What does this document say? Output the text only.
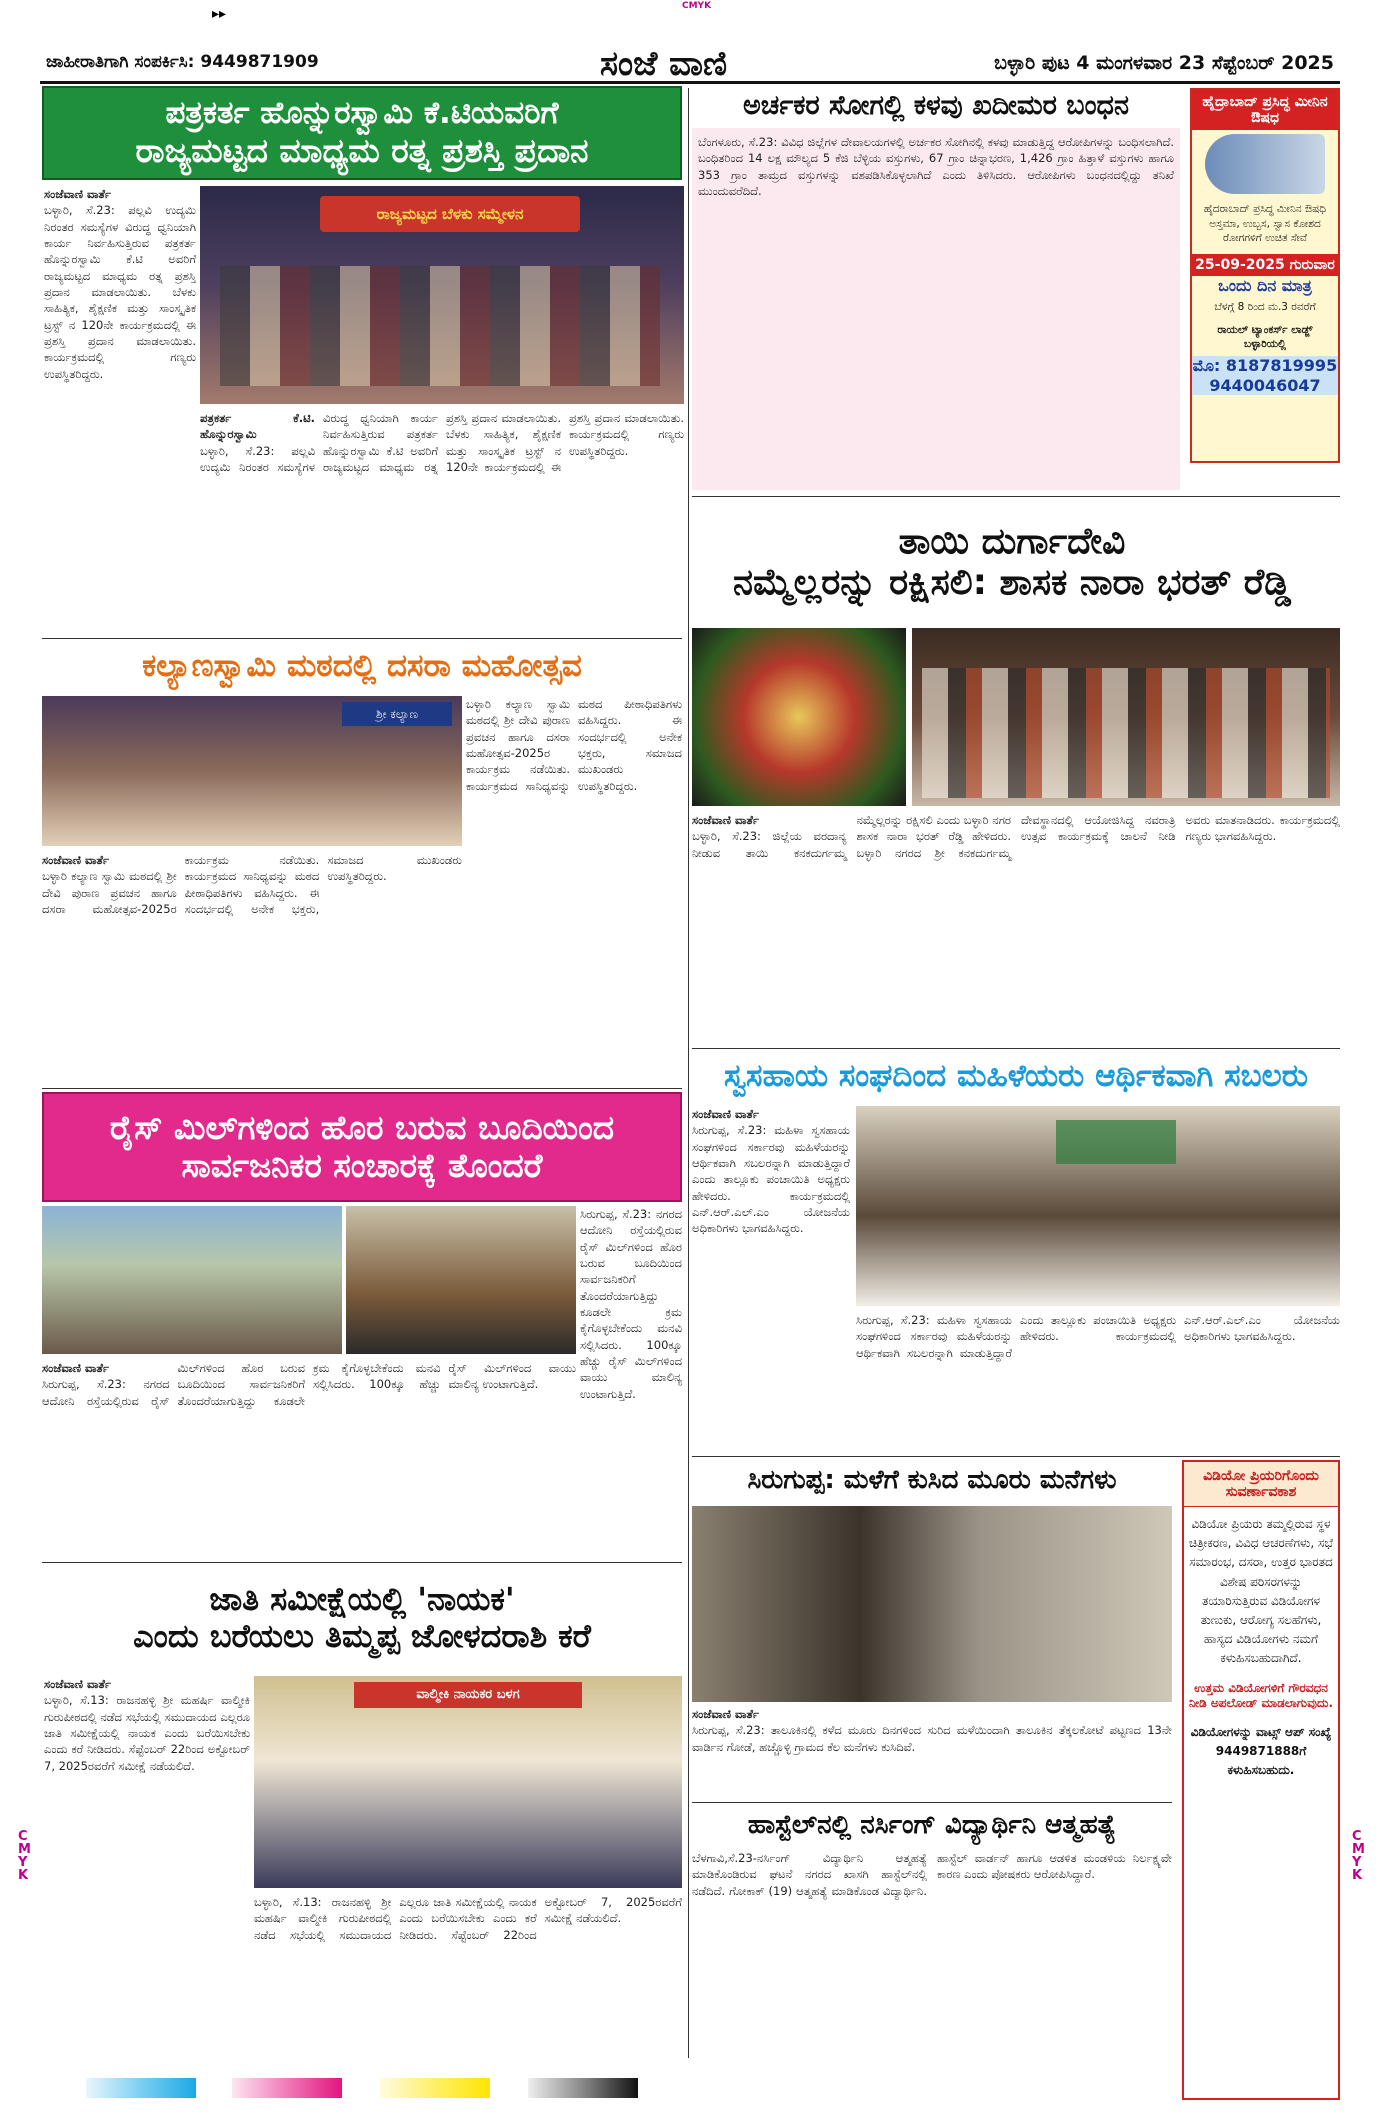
▸▸	CMYK
CMYK
CMYK
ಜಾಹೀರಾತಿಗಾಗಿ ಸಂಪರ್ಕಿಸಿ: 9449871909	ಸಂಜೆ ವಾಣಿ	ಬಳ್ಳಾರಿ ಪುಟ 4 ಮಂಗಳವಾರ 23 ಸೆಪ್ಟೆಂಬರ್ 2025
ಪತ್ರಕರ್ತ ಹೊನ್ನುರಸ್ವಾಮಿ ಕೆ.ಟಿಯವರಿಗೆ
ರಾಜ್ಯಮಟ್ಟದ ಮಾಧ್ಯಮ ರತ್ನ ಪ್ರಶಸ್ತಿ ಪ್ರದಾನ
ಸಂಜೆವಾಣಿ ವಾರ್ತೆ
ಬಳ್ಳಾರಿ, ಸೆ.23: ಪಲ್ಲವಿ ಉದ್ಯಮಿ ನಿರಂತರ ಸಮಸ್ಯೆಗಳ ವಿರುದ್ಧ ಧ್ವನಿಯಾಗಿ ಕಾರ್ಯ ನಿರ್ವಹಿಸುತ್ತಿರುವ ಪತ್ರಕರ್ತ ಹೊನ್ನುರಸ್ವಾಮಿ ಕೆ.ಟಿ ಅವರಿಗೆ ರಾಜ್ಯಮಟ್ಟದ ಮಾಧ್ಯಮ ರತ್ನ ಪ್ರಶಸ್ತಿ ಪ್ರದಾನ ಮಾಡಲಾಯಿತು. ಬೆಳಕು ಸಾಹಿತ್ಯಿಕ, ಶೈಕ್ಷಣಿಕ ಮತ್ತು ಸಾಂಸ್ಕೃತಿಕ ಟ್ರಸ್ಟ್ ನ 120ನೇ ಕಾರ್ಯಕ್ರಮದಲ್ಲಿ ಈ ಪ್ರಶಸ್ತಿ ಪ್ರದಾನ ಮಾಡಲಾಯಿತು. ಕಾರ್ಯಕ್ರಮದಲ್ಲಿ ಗಣ್ಯರು ಉಪಸ್ಥಿತರಿದ್ದರು.
ರಾಜ್ಯಮಟ್ಟದ ಬೆಳಕು ಸಮ್ಮೇಳನ
ಪತ್ರಕರ್ತ ಕೆ.ಟಿ. ಹೊನ್ನುರಸ್ವಾಮಿ
ಬಳ್ಳಾರಿ, ಸೆ.23: ಪಲ್ಲವಿ ಉದ್ಯಮಿ ನಿರಂತರ ಸಮಸ್ಯೆಗಳ ವಿರುದ್ಧ ಧ್ವನಿಯಾಗಿ ಕಾರ್ಯ ನಿರ್ವಹಿಸುತ್ತಿರುವ ಪತ್ರಕರ್ತ ಹೊನ್ನುರಸ್ವಾಮಿ ಕೆ.ಟಿ ಅವರಿಗೆ ರಾಜ್ಯಮಟ್ಟದ ಮಾಧ್ಯಮ ರತ್ನ ಪ್ರಶಸ್ತಿ ಪ್ರದಾನ ಮಾಡಲಾಯಿತು. ಬೆಳಕು ಸಾಹಿತ್ಯಿಕ, ಶೈಕ್ಷಣಿಕ ಮತ್ತು ಸಾಂಸ್ಕೃತಿಕ ಟ್ರಸ್ಟ್ ನ 120ನೇ ಕಾರ್ಯಕ್ರಮದಲ್ಲಿ ಈ ಪ್ರಶಸ್ತಿ ಪ್ರದಾನ ಮಾಡಲಾಯಿತು. ಕಾರ್ಯಕ್ರಮದಲ್ಲಿ ಗಣ್ಯರು ಉಪಸ್ಥಿತರಿದ್ದರು.
ಅರ್ಚಕರ ಸೋಗಲ್ಲಿ ಕಳವು ಖದೀಮರ ಬಂಧನ
ಬೆಂಗಳೂರು, ಸೆ.23: ವಿವಿಧ ಜಿಲ್ಲೆಗಳ ದೇವಾಲಯಗಳಲ್ಲಿ ಅರ್ಚಕರ ಸೋಗಿನಲ್ಲಿ ಕಳವು ಮಾಡುತ್ತಿದ್ದ ಆರೋಪಿಗಳನ್ನು ಬಂಧಿಸಲಾಗಿದೆ. ಬಂಧಿತರಿಂದ 14 ಲಕ್ಷ ಮೌಲ್ಯದ 5 ಕೆಜಿ ಬೆಳ್ಳಿಯ ವಸ್ತುಗಳು, 67 ಗ್ರಾಂ ಚಿನ್ನಾಭರಣ, 1,426 ಗ್ರಾಂ ಹಿತ್ತಾಳೆ ವಸ್ತುಗಳು ಹಾಗೂ 353 ಗ್ರಾಂ ತಾಮ್ರದ ವಸ್ತುಗಳನ್ನು ವಶಪಡಿಸಿಕೊಳ್ಳಲಾಗಿದೆ ಎಂದು ತಿಳಿಸಿದರು. ಆರೋಪಿಗಳು ಬಂಧನದಲ್ಲಿದ್ದು ತನಿಖೆ ಮುಂದುವರೆದಿದೆ.
ಹೈದ್ರಾಬಾದ್ ಪ್ರಸಿದ್ಧ ಮೀನಿನ ಔಷಧ
ಹೈದರಾಬಾದ್ ಪ್ರಸಿದ್ಧ ಮೀನಿನ ಔಷಧಿ ಅಸ್ತಮಾ, ಉಬ್ಬಸ, ಸ್ವಾಸ ಕೋಶದ ರೋಗಗಳಿಗೆ ಉಚಿತ ಸೇವೆ
25-09-2025 ಗುರುವಾರ
ಒಂದು ದಿನ ಮಾತ್ರ
ಬೆಳಗ್ಗೆ 8 ರಿಂದ ಮ.3 ರವರೆಗೆ
ರಾಯಲ್ ಟ್ಯಾಂಕರ್ಸ್ ಲಾಡ್ಜ್ ಬಳ್ಳಾರಿಯಲ್ಲಿ
ಮೊ: 8187819995
9440046047
ತಾಯಿ ದುರ್ಗಾದೇವಿ
ನಮ್ಮೆಲ್ಲರನ್ನು ರಕ್ಷಿಸಲಿ: ಶಾಸಕ ನಾರಾ ಭರತ್ ರೆಡ್ಡಿ
ಸಂಜೆವಾಣಿ ವಾರ್ತೆ
ಬಳ್ಳಾರಿ, ಸೆ.23: ಜಿಲ್ಲೆಯ ವರದಾನ್ಯ ನೀಡುವ ತಾಯಿ ಕನಕದುರ್ಗಮ್ಮ ನಮ್ಮೆಲ್ಲರನ್ನು ರಕ್ಷಿಸಲಿ ಎಂದು ಬಳ್ಳಾರಿ ನಗರ ಶಾಸಕ ನಾರಾ ಭರತ್ ರೆಡ್ಡಿ ಹೇಳಿದರು. ಬಳ್ಳಾರಿ ನಗರದ ಶ್ರೀ ಕನಕದುರ್ಗಮ್ಮ ದೇವಸ್ಥಾನದಲ್ಲಿ ಆಯೋಜಿಸಿದ್ದ ನವರಾತ್ರಿ ಉತ್ಸವ ಕಾರ್ಯಕ್ರಮಕ್ಕೆ ಚಾಲನೆ ನೀಡಿ ಅವರು ಮಾತನಾಡಿದರು. ಕಾರ್ಯಕ್ರಮದಲ್ಲಿ ಗಣ್ಯರು ಭಾಗವಹಿಸಿದ್ದರು.
ಕಲ್ಯಾಣಸ್ವಾಮಿ ಮಠದಲ್ಲಿ ದಸರಾ ಮಹೋತ್ಸವ
ಶ್ರೀ ಕಲ್ಯಾಣ
ಬಳ್ಳಾರಿ ಕಲ್ಯಾಣ ಸ್ವಾಮಿ ಮಠದಲ್ಲಿ ಶ್ರೀ ದೇವಿ ಪುರಾಣ ಪ್ರವಚನ ಹಾಗೂ ದಸರಾ ಮಹೋತ್ಸವ-2025ರ ಕಾರ್ಯಕ್ರಮ ನಡೆಯಿತು. ಕಾರ್ಯಕ್ರಮದ ಸಾನಿಧ್ಯವನ್ನು ಮಠದ ಪೀಠಾಧಿಪತಿಗಳು ವಹಿಸಿದ್ದರು. ಈ ಸಂದರ್ಭದಲ್ಲಿ ಅನೇಕ ಭಕ್ತರು, ಸಮಾಜದ ಮುಖಂಡರು ಉಪಸ್ಥಿತರಿದ್ದರು.
ಸಂಜೆವಾಣಿ ವಾರ್ತೆ
ಬಳ್ಳಾರಿ ಕಲ್ಯಾಣ ಸ್ವಾಮಿ ಮಠದಲ್ಲಿ ಶ್ರೀ ದೇವಿ ಪುರಾಣ ಪ್ರವಚನ ಹಾಗೂ ದಸರಾ ಮಹೋತ್ಸವ-2025ರ ಕಾರ್ಯಕ್ರಮ ನಡೆಯಿತು. ಕಾರ್ಯಕ್ರಮದ ಸಾನಿಧ್ಯವನ್ನು ಮಠದ ಪೀಠಾಧಿಪತಿಗಳು ವಹಿಸಿದ್ದರು. ಈ ಸಂದರ್ಭದಲ್ಲಿ ಅನೇಕ ಭಕ್ತರು, ಸಮಾಜದ ಮುಖಂಡರು ಉಪಸ್ಥಿತರಿದ್ದರು.
ರೈಸ್ ಮಿಲ್‌ಗಳಿಂದ ಹೊರ ಬರುವ ಬೂದಿಯಿಂದ
ಸಾರ್ವಜನಿಕರ ಸಂಚಾರಕ್ಕೆ ತೊಂದರೆ
ಸಿರುಗುಪ್ಪ, ಸೆ.23: ನಗರದ ಆದೋನಿ ರಸ್ತೆಯಲ್ಲಿರುವ ರೈಸ್ ಮಿಲ್‌ಗಳಿಂದ ಹೊರ ಬರುವ ಬೂದಿಯಿಂದ ಸಾರ್ವಜನಿಕರಿಗೆ ತೊಂದರೆಯಾಗುತ್ತಿದ್ದು ಕೂಡಲೇ ಕ್ರಮ ಕೈಗೊಳ್ಳಬೇಕೆಂದು ಮನವಿ ಸಲ್ಲಿಸಿದರು. 100ಕ್ಕೂ ಹೆಚ್ಚು ರೈಸ್ ಮಿಲ್‌ಗಳಿಂದ ವಾಯು ಮಾಲಿನ್ಯ ಉಂಟಾಗುತ್ತಿದೆ.
ಸಂಜೆವಾಣಿ ವಾರ್ತೆ
ಸಿರುಗುಪ್ಪ, ಸೆ.23: ನಗರದ ಆದೋನಿ ರಸ್ತೆಯಲ್ಲಿರುವ ರೈಸ್ ಮಿಲ್‌ಗಳಿಂದ ಹೊರ ಬರುವ ಬೂದಿಯಿಂದ ಸಾರ್ವಜನಿಕರಿಗೆ ತೊಂದರೆಯಾಗುತ್ತಿದ್ದು ಕೂಡಲೇ ಕ್ರಮ ಕೈಗೊಳ್ಳಬೇಕೆಂದು ಮನವಿ ಸಲ್ಲಿಸಿದರು. 100ಕ್ಕೂ ಹೆಚ್ಚು ರೈಸ್ ಮಿಲ್‌ಗಳಿಂದ ವಾಯು ಮಾಲಿನ್ಯ ಉಂಟಾಗುತ್ತಿದೆ.
ಸ್ವಸಹಾಯ ಸಂಘದಿಂದ ಮಹಿಳೆಯರು ಆರ್ಥಿಕವಾಗಿ ಸಬಲರು
ಸಂಜೆವಾಣಿ ವಾರ್ತೆ
ಸಿರುಗುಪ್ಪ, ಸೆ.23: ಮಹಿಳಾ ಸ್ವಸಹಾಯ ಸಂಘಗಳಿಂದ ಸರ್ಕಾರವು ಮಹಿಳೆಯರನ್ನು ಆರ್ಥಿಕವಾಗಿ ಸಬಲರನ್ನಾಗಿ ಮಾಡುತ್ತಿದ್ದಾರೆ ಎಂದು ತಾಲ್ಲೂಕು ಪಂಚಾಯಿತಿ ಅಧ್ಯಕ್ಷರು ಹೇಳಿದರು. ಕಾರ್ಯಕ್ರಮದಲ್ಲಿ ಎನ್.ಆರ್.ಎಲ್.ಎಂ ಯೋಜನೆಯ ಅಧಿಕಾರಿಗಳು ಭಾಗವಹಿಸಿದ್ದರು.
ಸಿರುಗುಪ್ಪ, ಸೆ.23: ಮಹಿಳಾ ಸ್ವಸಹಾಯ ಸಂಘಗಳಿಂದ ಸರ್ಕಾರವು ಮಹಿಳೆಯರನ್ನು ಆರ್ಥಿಕವಾಗಿ ಸಬಲರನ್ನಾಗಿ ಮಾಡುತ್ತಿದ್ದಾರೆ ಎಂದು ತಾಲ್ಲೂಕು ಪಂಚಾಯಿತಿ ಅಧ್ಯಕ್ಷರು ಹೇಳಿದರು. ಕಾರ್ಯಕ್ರಮದಲ್ಲಿ ಎನ್.ಆರ್.ಎಲ್.ಎಂ ಯೋಜನೆಯ ಅಧಿಕಾರಿಗಳು ಭಾಗವಹಿಸಿದ್ದರು.
ಸಿರುಗುಪ್ಪ: ಮಳೆಗೆ ಕುಸಿದ ಮೂರು ಮನೆಗಳು
ಸಂಜೆವಾಣಿ ವಾರ್ತೆ
ಸಿರುಗುಪ್ಪ, ಸೆ.23: ತಾಲೂಕಿನಲ್ಲಿ ಕಳೆದ ಮೂರು ದಿನಗಳಿಂದ ಸುರಿದ ಮಳೆಯಿಂದಾಗಿ ತಾಲೂಕಿನ ತೆಕ್ಕಲಕೋಟೆ ಪಟ್ಟಣದ 13ನೇ ವಾರ್ಡಿನ ಗೋಡೆ, ಹಚ್ಚೊಳ್ಳಿ ಗ್ರಾಮದ ಕೆಲ ಮನೆಗಳು ಕುಸಿದಿವೆ.
ವಿಡಿಯೋ ಪ್ರಿಯರಿಗೊಂದು ಸುವರ್ಣಾವಕಾಶ
ವಿಡಿಯೋ ಪ್ರಿಯರು ತಮ್ಮಲ್ಲಿರುವ ಸ್ಥಳ ಚಿತ್ರೀಕರಣ, ವಿವಿಧ ಆಚರಣೆಗಳು, ಸಭೆ ಸಮಾರಂಭ, ದಸರಾ, ಉತ್ತರ ಭಾರತದ ವಿಶೇಷ ಪರಿಸರಗಳನ್ನು ತಯಾರಿಸುತ್ತಿರುವ ವಿಡಿಯೋಗಳ ತುಣುಕು, ಆರೋಗ್ಯ ಸಲಹೆಗಳು, ಹಾಸ್ಯದ ವಿಡಿಯೋಗಳು ನಮಗೆ ಕಳುಹಿಸಬಹುದಾಗಿದೆ.
ಉತ್ತಮ ವಿಡಿಯೋಗಳಿಗೆ ಗೌರವಧನ ನೀಡಿ ಅಪಲೋಡ್ ಮಾಡಲಾಗುವುದು.
ವಿಡಿಯೋಗಳನ್ನು ವಾಟ್ಸ್ ಆಪ್ ಸಂಖ್ಯೆ 9449871888ಗೆ ಕಳುಹಿಸಬಹುದು.
ಜಾತಿ ಸಮೀಕ್ಷೆಯಲ್ಲಿ 'ನಾಯಕ'
ಎಂದು ಬರೆಯಲು ತಿಮ್ಮಪ್ಪ ಜೋಳದರಾಶಿ ಕರೆ
ಸಂಜೆವಾಣಿ ವಾರ್ತೆ
ಬಳ್ಳಾರಿ, ಸೆ.13: ರಾಜನಹಳ್ಳಿ ಶ್ರೀ ಮಹರ್ಷಿ ವಾಲ್ಮೀಕಿ ಗುರುಪೀಠದಲ್ಲಿ ನಡೆದ ಸಭೆಯಲ್ಲಿ ಸಮುದಾಯದ ಎಲ್ಲರೂ ಜಾತಿ ಸಮೀಕ್ಷೆಯಲ್ಲಿ ನಾಯಕ ಎಂದು ಬರೆಯಿಸಬೇಕು ಎಂದು ಕರೆ ನೀಡಿದರು. ಸೆಪ್ಟೆಂಬರ್ 22ರಿಂದ ಅಕ್ಟೋಬರ್ 7, 2025ರವರೆಗೆ ಸಮೀಕ್ಷೆ ನಡೆಯಲಿದೆ.
ವಾಲ್ಮೀಕಿ ನಾಯಕರ ಬಳಗ
ಬಳ್ಳಾರಿ, ಸೆ.13: ರಾಜನಹಳ್ಳಿ ಶ್ರೀ ಮಹರ್ಷಿ ವಾಲ್ಮೀಕಿ ಗುರುಪೀಠದಲ್ಲಿ ನಡೆದ ಸಭೆಯಲ್ಲಿ ಸಮುದಾಯದ ಎಲ್ಲರೂ ಜಾತಿ ಸಮೀಕ್ಷೆಯಲ್ಲಿ ನಾಯಕ ಎಂದು ಬರೆಯಿಸಬೇಕು ಎಂದು ಕರೆ ನೀಡಿದರು. ಸೆಪ್ಟೆಂಬರ್ 22ರಿಂದ ಅಕ್ಟೋಬರ್ 7, 2025ರವರೆಗೆ ಸಮೀಕ್ಷೆ ನಡೆಯಲಿದೆ.
ಹಾಸ್ಟೆಲ್‌ನಲ್ಲಿ ನರ್ಸಿಂಗ್ ವಿದ್ಯಾರ್ಥಿನಿ ಆತ್ಮಹತ್ಯೆ
ಬೆಳಗಾವಿ,ಸೆ.23-ನರ್ಸಿಂಗ್ ವಿದ್ಯಾರ್ಥಿನಿ ಆತ್ಮಹತ್ಯೆ ಮಾಡಿಕೊಂಡಿರುವ ಘಟನೆ ನಗರದ ಖಾಸಗಿ ಹಾಸ್ಟೆಲ್‌ನಲ್ಲಿ ನಡೆದಿದೆ. ಗೋಕಾಕ್ (19) ಆತ್ಮಹತ್ಯೆ ಮಾಡಿಕೊಂಡ ವಿದ್ಯಾರ್ಥಿನಿ. ಹಾಸ್ಟೆಲ್ ವಾರ್ಡನ್ ಹಾಗೂ ಆಡಳಿತ ಮಂಡಳಿಯ ನಿರ್ಲಕ್ಷ್ಯವೇ ಕಾರಣ ಎಂದು ಪೋಷಕರು ಆರೋಪಿಸಿದ್ದಾರೆ.
